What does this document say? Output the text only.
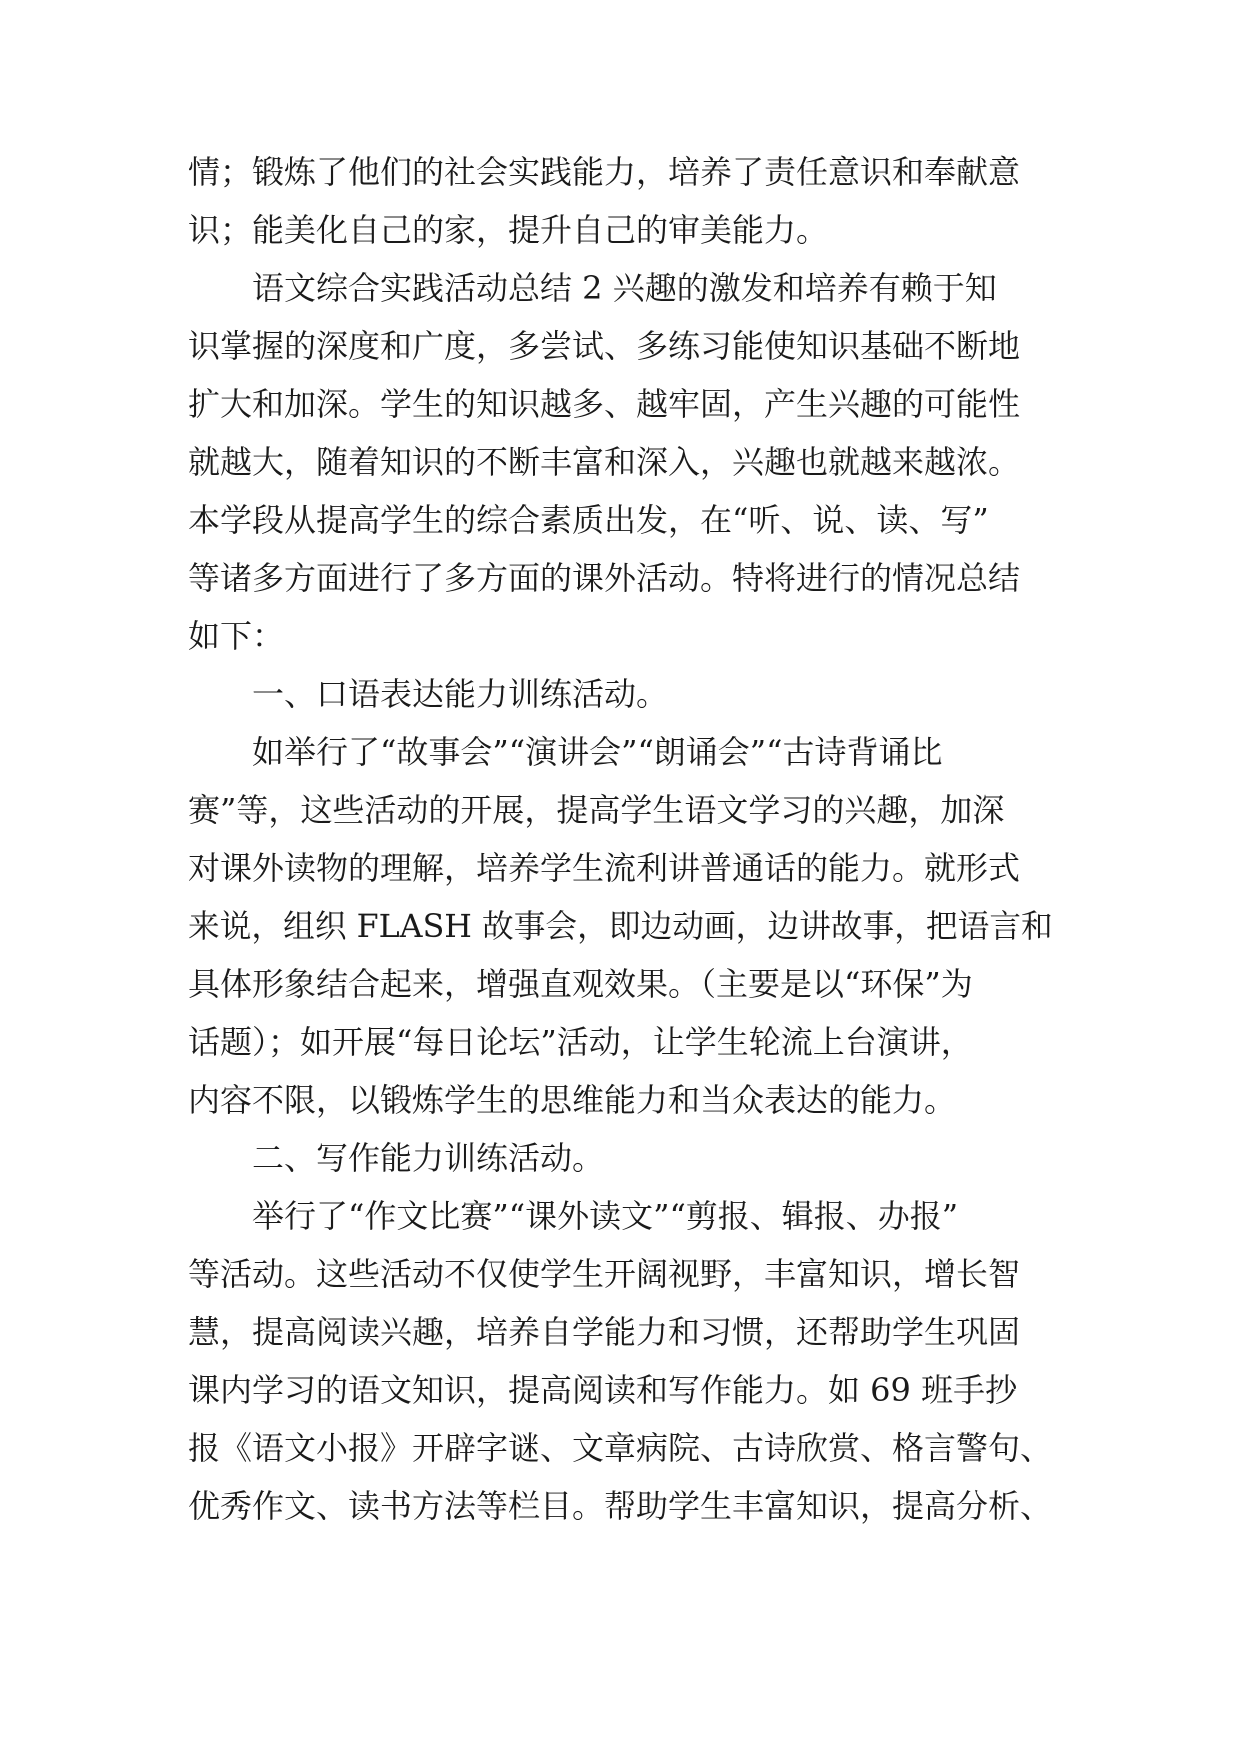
情；锻炼了他们的社会实践能力，培养了责任意识和奉献意
识；能美化自己的家，提升自己的审美能力。
语文综合实践活动总结 2 兴趣的激发和培养有赖于知
识掌握的深度和广度，多尝试、多练习能使知识基础不断地
扩大和加深。学生的知识越多、越牢固，产生兴趣的可能性
就越大，随着知识的不断丰富和深入，兴趣也就越来越浓。
本学段从提高学生的综合素质出发，在“听、说、读、写”
等诸多方面进行了多方面的课外活动。特将进行的情况总结
如下：
一、口语表达能力训练活动。
如举行了“故事会”“演讲会”“朗诵会”“古诗背诵比
赛”等，这些活动的开展，提高学生语文学习的兴趣，加深
对课外读物的理解，培养学生流利讲普通话的能力。就形式
来说，组织 FLASH 故事会，即边动画，边讲故事，把语言和
具体形象结合起来，增强直观效果。（主要是以“环保”为
话题）；如开展“每日论坛”活动，让学生轮流上台演讲，
内容不限，以锻炼学生的思维能力和当众表达的能力。
二、写作能力训练活动。
举行了“作文比赛”“课外读文”“剪报、辑报、办报”
等活动。这些活动不仅使学生开阔视野，丰富知识，增长智
慧，提高阅读兴趣，培养自学能力和习惯，还帮助学生巩固
课内学习的语文知识，提高阅读和写作能力。如 69 班手抄
报《语文小报》开辟字谜、文章病院、古诗欣赏、格言警句、
优秀作文、读书方法等栏目。帮助学生丰富知识，提高分析、
